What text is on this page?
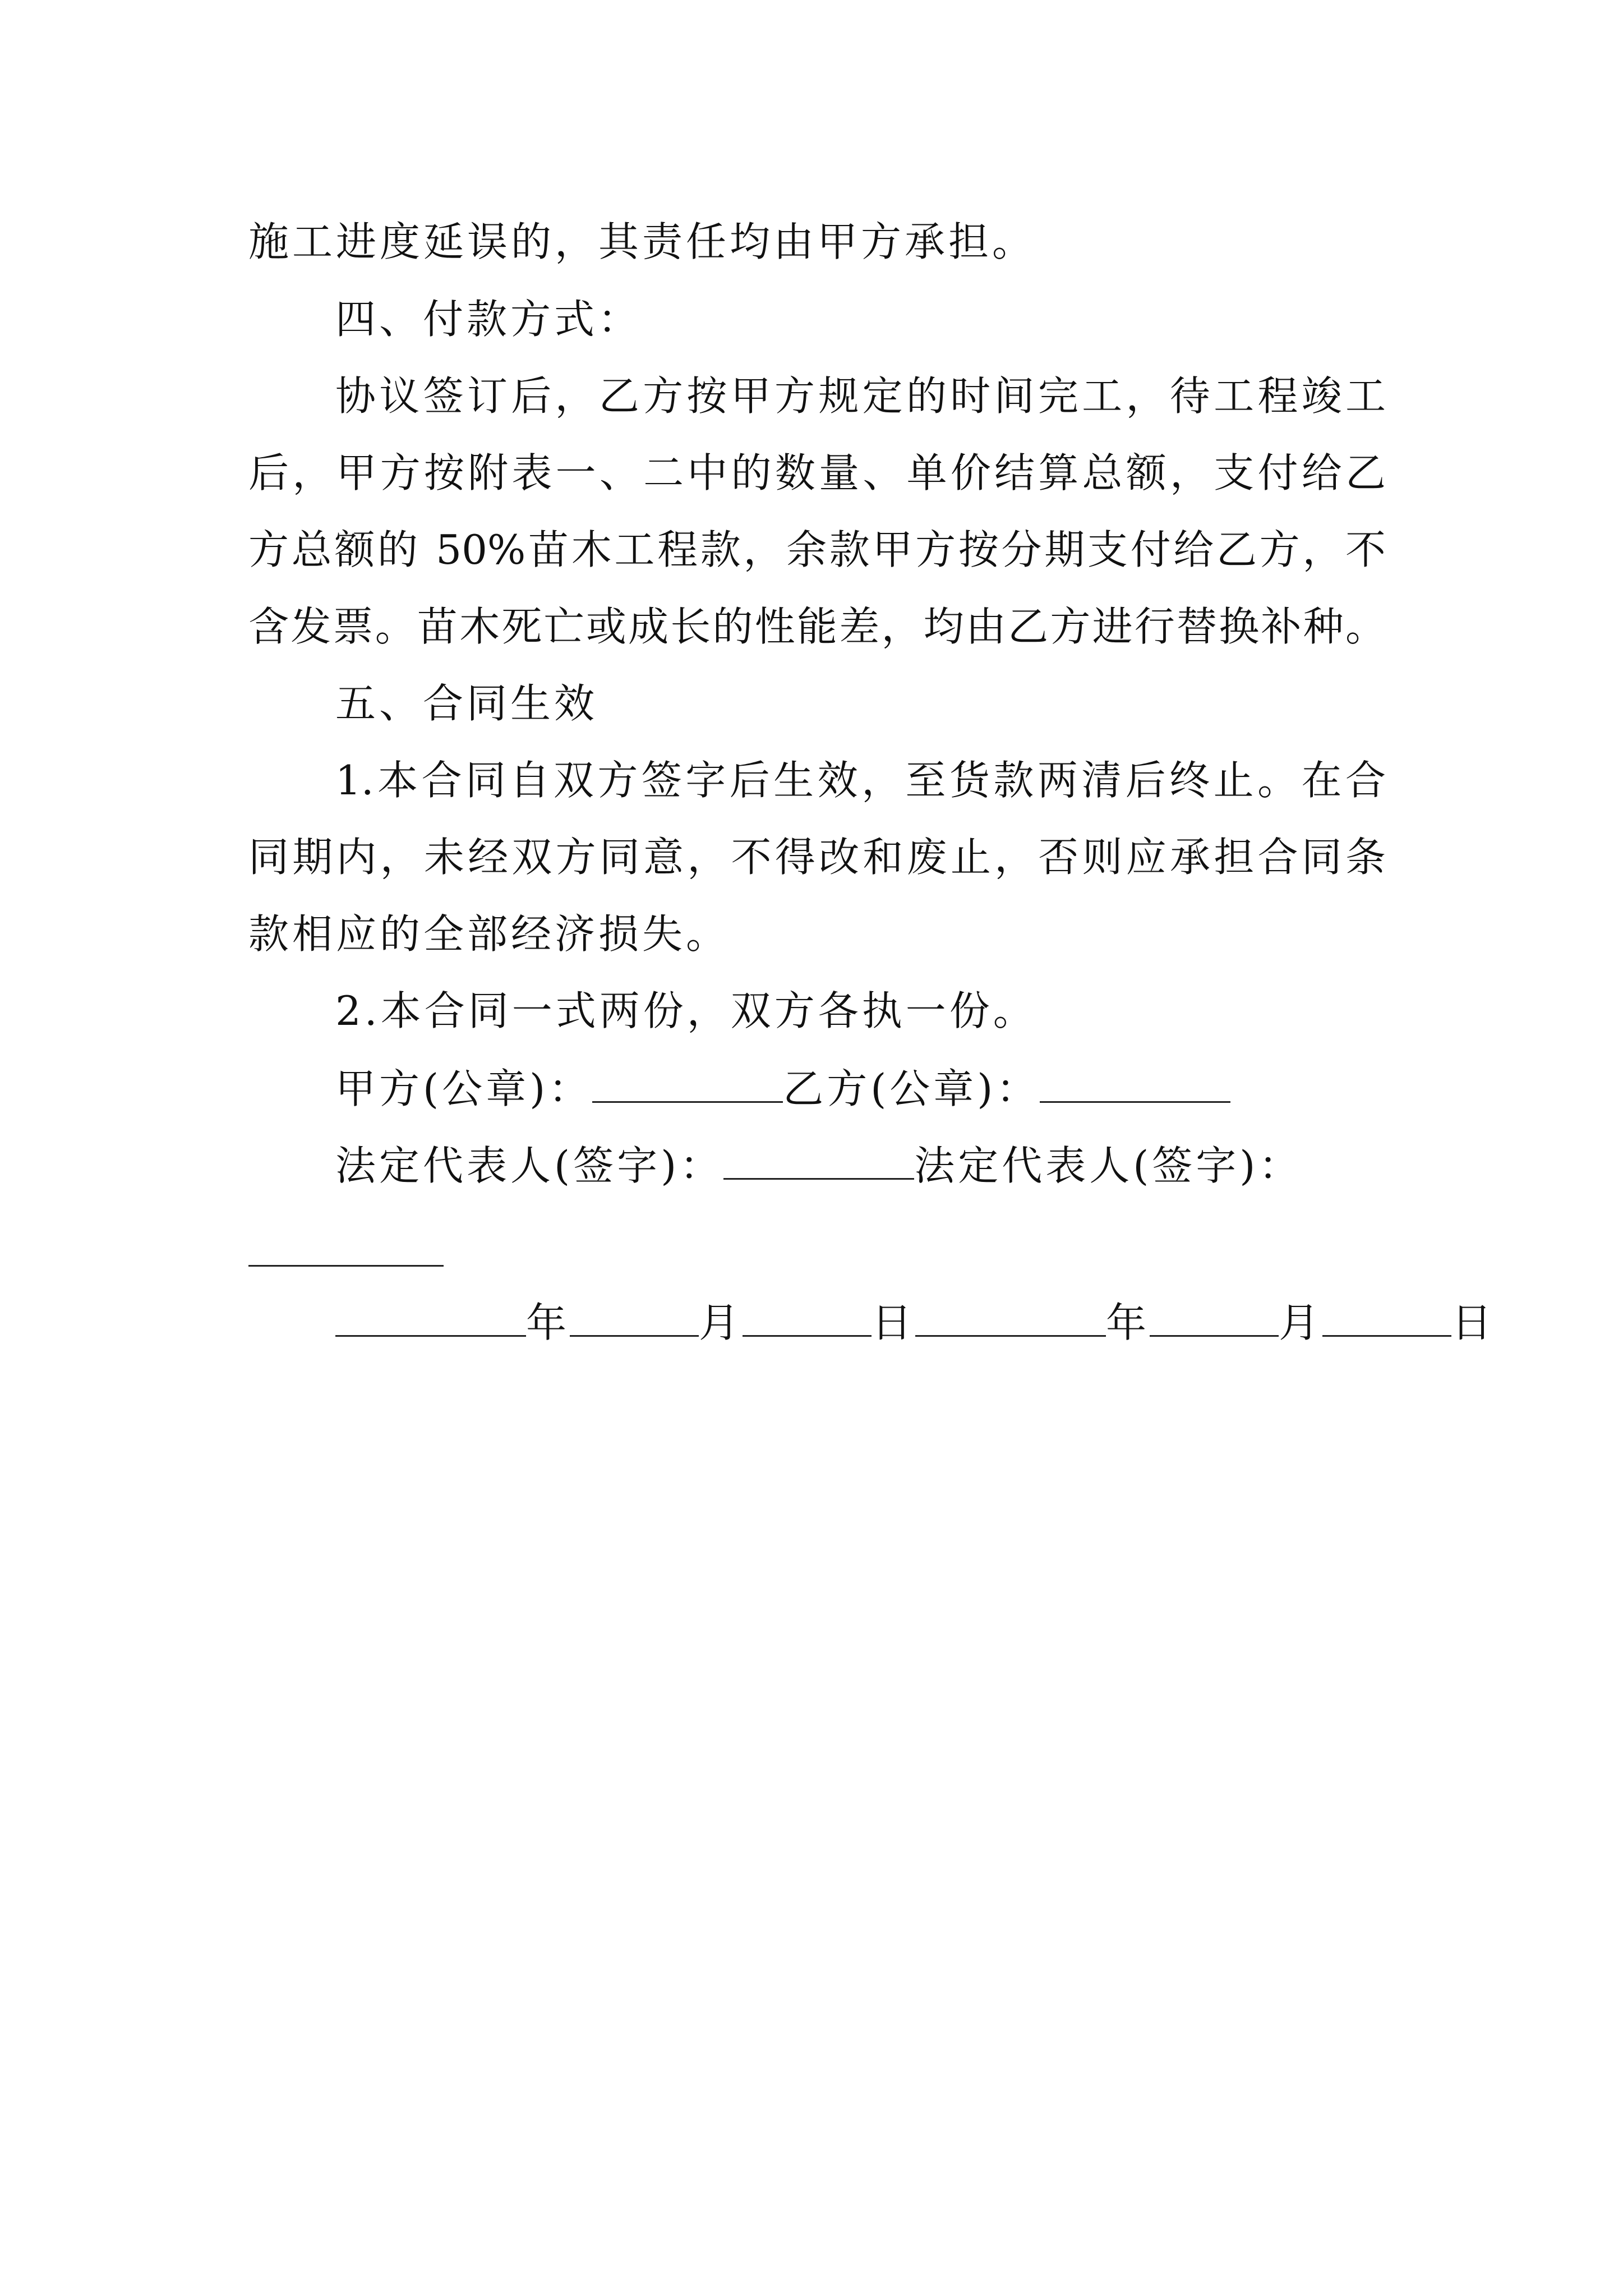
施工进度延误的，其责任均由甲方承担。
四、付款方式：
协议签订后，乙方按甲方规定的时间完工，待工程竣工
后，甲方按附表一、二中的数量、单价结算总额，支付给乙
方总额的 50%苗木工程款，余款甲方按分期支付给乙方，不
含发票。苗木死亡或成长的性能差，均由乙方进行替换补种。
五、合同生效
1.本合同自双方签字后生效，至货款两清后终止。在合
同期内，未经双方同意，不得改和废止，否则应承担合同条
款相应的全部经济损失。
2.本合同一式两份，双方各执一份。
甲方(公章)：	乙方(公章)：
法定代表人(签字)：	法定代表人(签字)：
年	月	日	年	月	日
